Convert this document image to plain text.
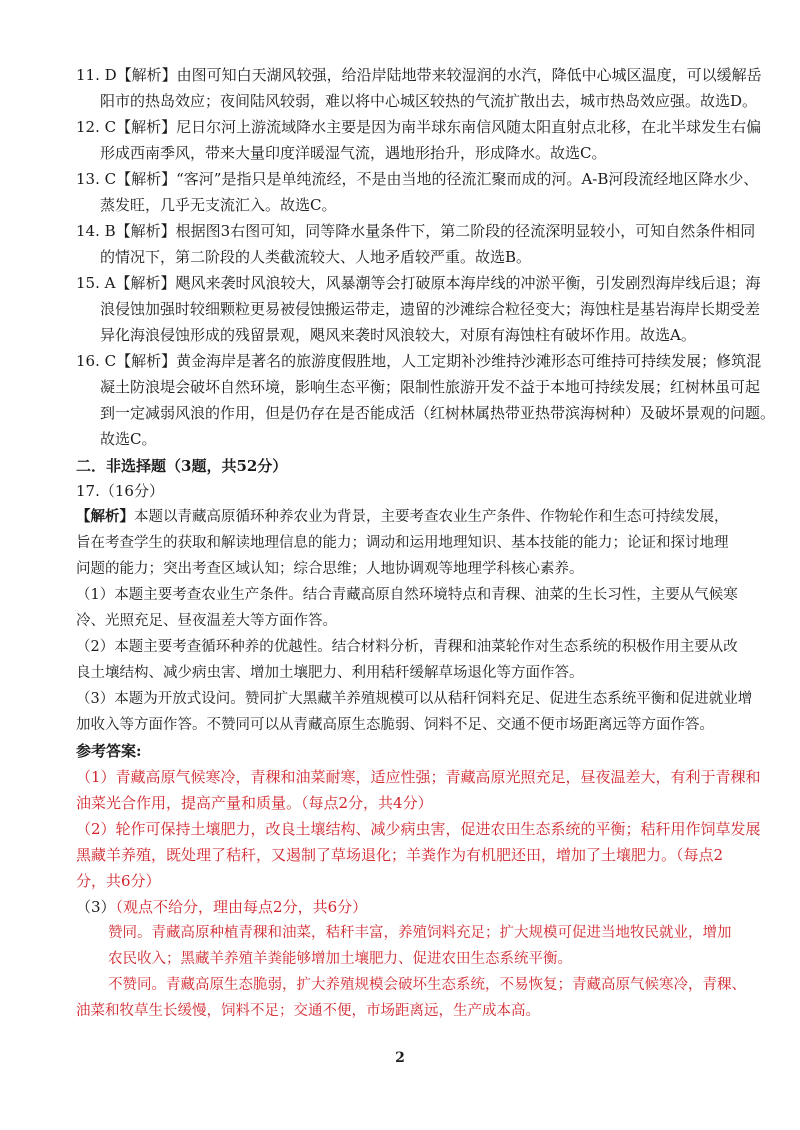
11. D【解析】由图可知白天湖风较强，给沿岸陆地带来较湿润的水汽，降低中心城区温度，可以缓解岳

阳市的热岛效应；夜间陆风较弱，难以将中心城区较热的气流扩散出去，城市热岛效应强。故选D。

12. C【解析】尼日尔河上游流域降水主要是因为南半球东南信风随太阳直射点北移，在北半球发生右偏

形成西南季风，带来大量印度洋暖湿气流，遇地形抬升，形成降水。故选C。

13. C【解析】“客河”是指只是单纯流经，不是由当地的径流汇聚而成的河。A-B河段流经地区降水少、

蒸发旺，几乎无支流汇入。故选C。

14. B【解析】根据图3右图可知，同等降水量条件下，第二阶段的径流深明显较小，可知自然条件相同

的情况下，第二阶段的人类截流较大、人地矛盾较严重。故选B。

15. A【解析】飓风来袭时风浪较大，风暴潮等会打破原本海岸线的冲淤平衡，引发剧烈海岸线后退；海

浪侵蚀加强时较细颗粒更易被侵蚀搬运带走，遗留的沙滩综合粒径变大；海蚀柱是基岩海岸长期受差

异化海浪侵蚀形成的残留景观，飓风来袭时风浪较大，对原有海蚀柱有破坏作用。故选A。

16. C【解析】黄金海岸是著名的旅游度假胜地，人工定期补沙维持沙滩形态可维持可持续发展；修筑混

凝土防浪堤会破坏自然环境，影响生态平衡；限制性旅游开发不益于本地可持续发展；红树林虽可起

到一定减弱风浪的作用，但是仍存在是否能成活（红树林属热带亚热带滨海树种）及破坏景观的问题。

故选C。

二．非选择题（3题，共52分）

17.（16分）

【解析】本题以青藏高原循环种养农业为背景，主要考查农业生产条件、作物轮作和生态可持续发展，

旨在考查学生的获取和解读地理信息的能力；调动和运用地理知识、基本技能的能力；论证和探讨地理

问题的能力；突出考查区域认知；综合思维；人地协调观等地理学科核心素养。

（1）本题主要考查农业生产条件。结合青藏高原自然环境特点和青稞、油菜的生长习性，主要从气候寒

冷、光照充足、昼夜温差大等方面作答。

（2）本题主要考查循环种养的优越性。结合材料分析，青稞和油菜轮作对生态系统的积极作用主要从改

良土壤结构、减少病虫害、增加土壤肥力、利用秸秆缓解草场退化等方面作答。

（3）本题为开放式设问。赞同扩大黑藏羊养殖规模可以从秸秆饲料充足、促进生态系统平衡和促进就业增

加收入等方面作答。不赞同可以从青藏高原生态脆弱、饲料不足、交通不便市场距离远等方面作答。

参考答案:

（1）青藏高原气候寒冷，青稞和油菜耐寒，适应性强；青藏高原光照充足，昼夜温差大，有利于青稞和

油菜光合作用，提高产量和质量。（每点2分，共4分）

（2）轮作可保持土壤肥力，改良土壤结构、减少病虫害，促进农田生态系统的平衡；秸秆用作饲草发展

黑藏羊养殖，既处理了秸秆，又遏制了草场退化；羊粪作为有机肥还田，增加了土壤肥力。（每点2

分，共6分）

（3）（观点不给分，理由每点2分，共6分）

赞同。青藏高原种植青稞和油菜，秸秆丰富，养殖饲料充足；扩大规模可促进当地牧民就业，增加

农民收入；黑藏羊养殖羊粪能够增加土壤肥力、促进农田生态系统平衡。

不赞同。青藏高原生态脆弱，扩大养殖规模会破坏生态系统，不易恢复；青藏高原气候寒冷，青稞、

油菜和牧草生长缓慢，饲料不足；交通不便，市场距离远，生产成本高。

2
